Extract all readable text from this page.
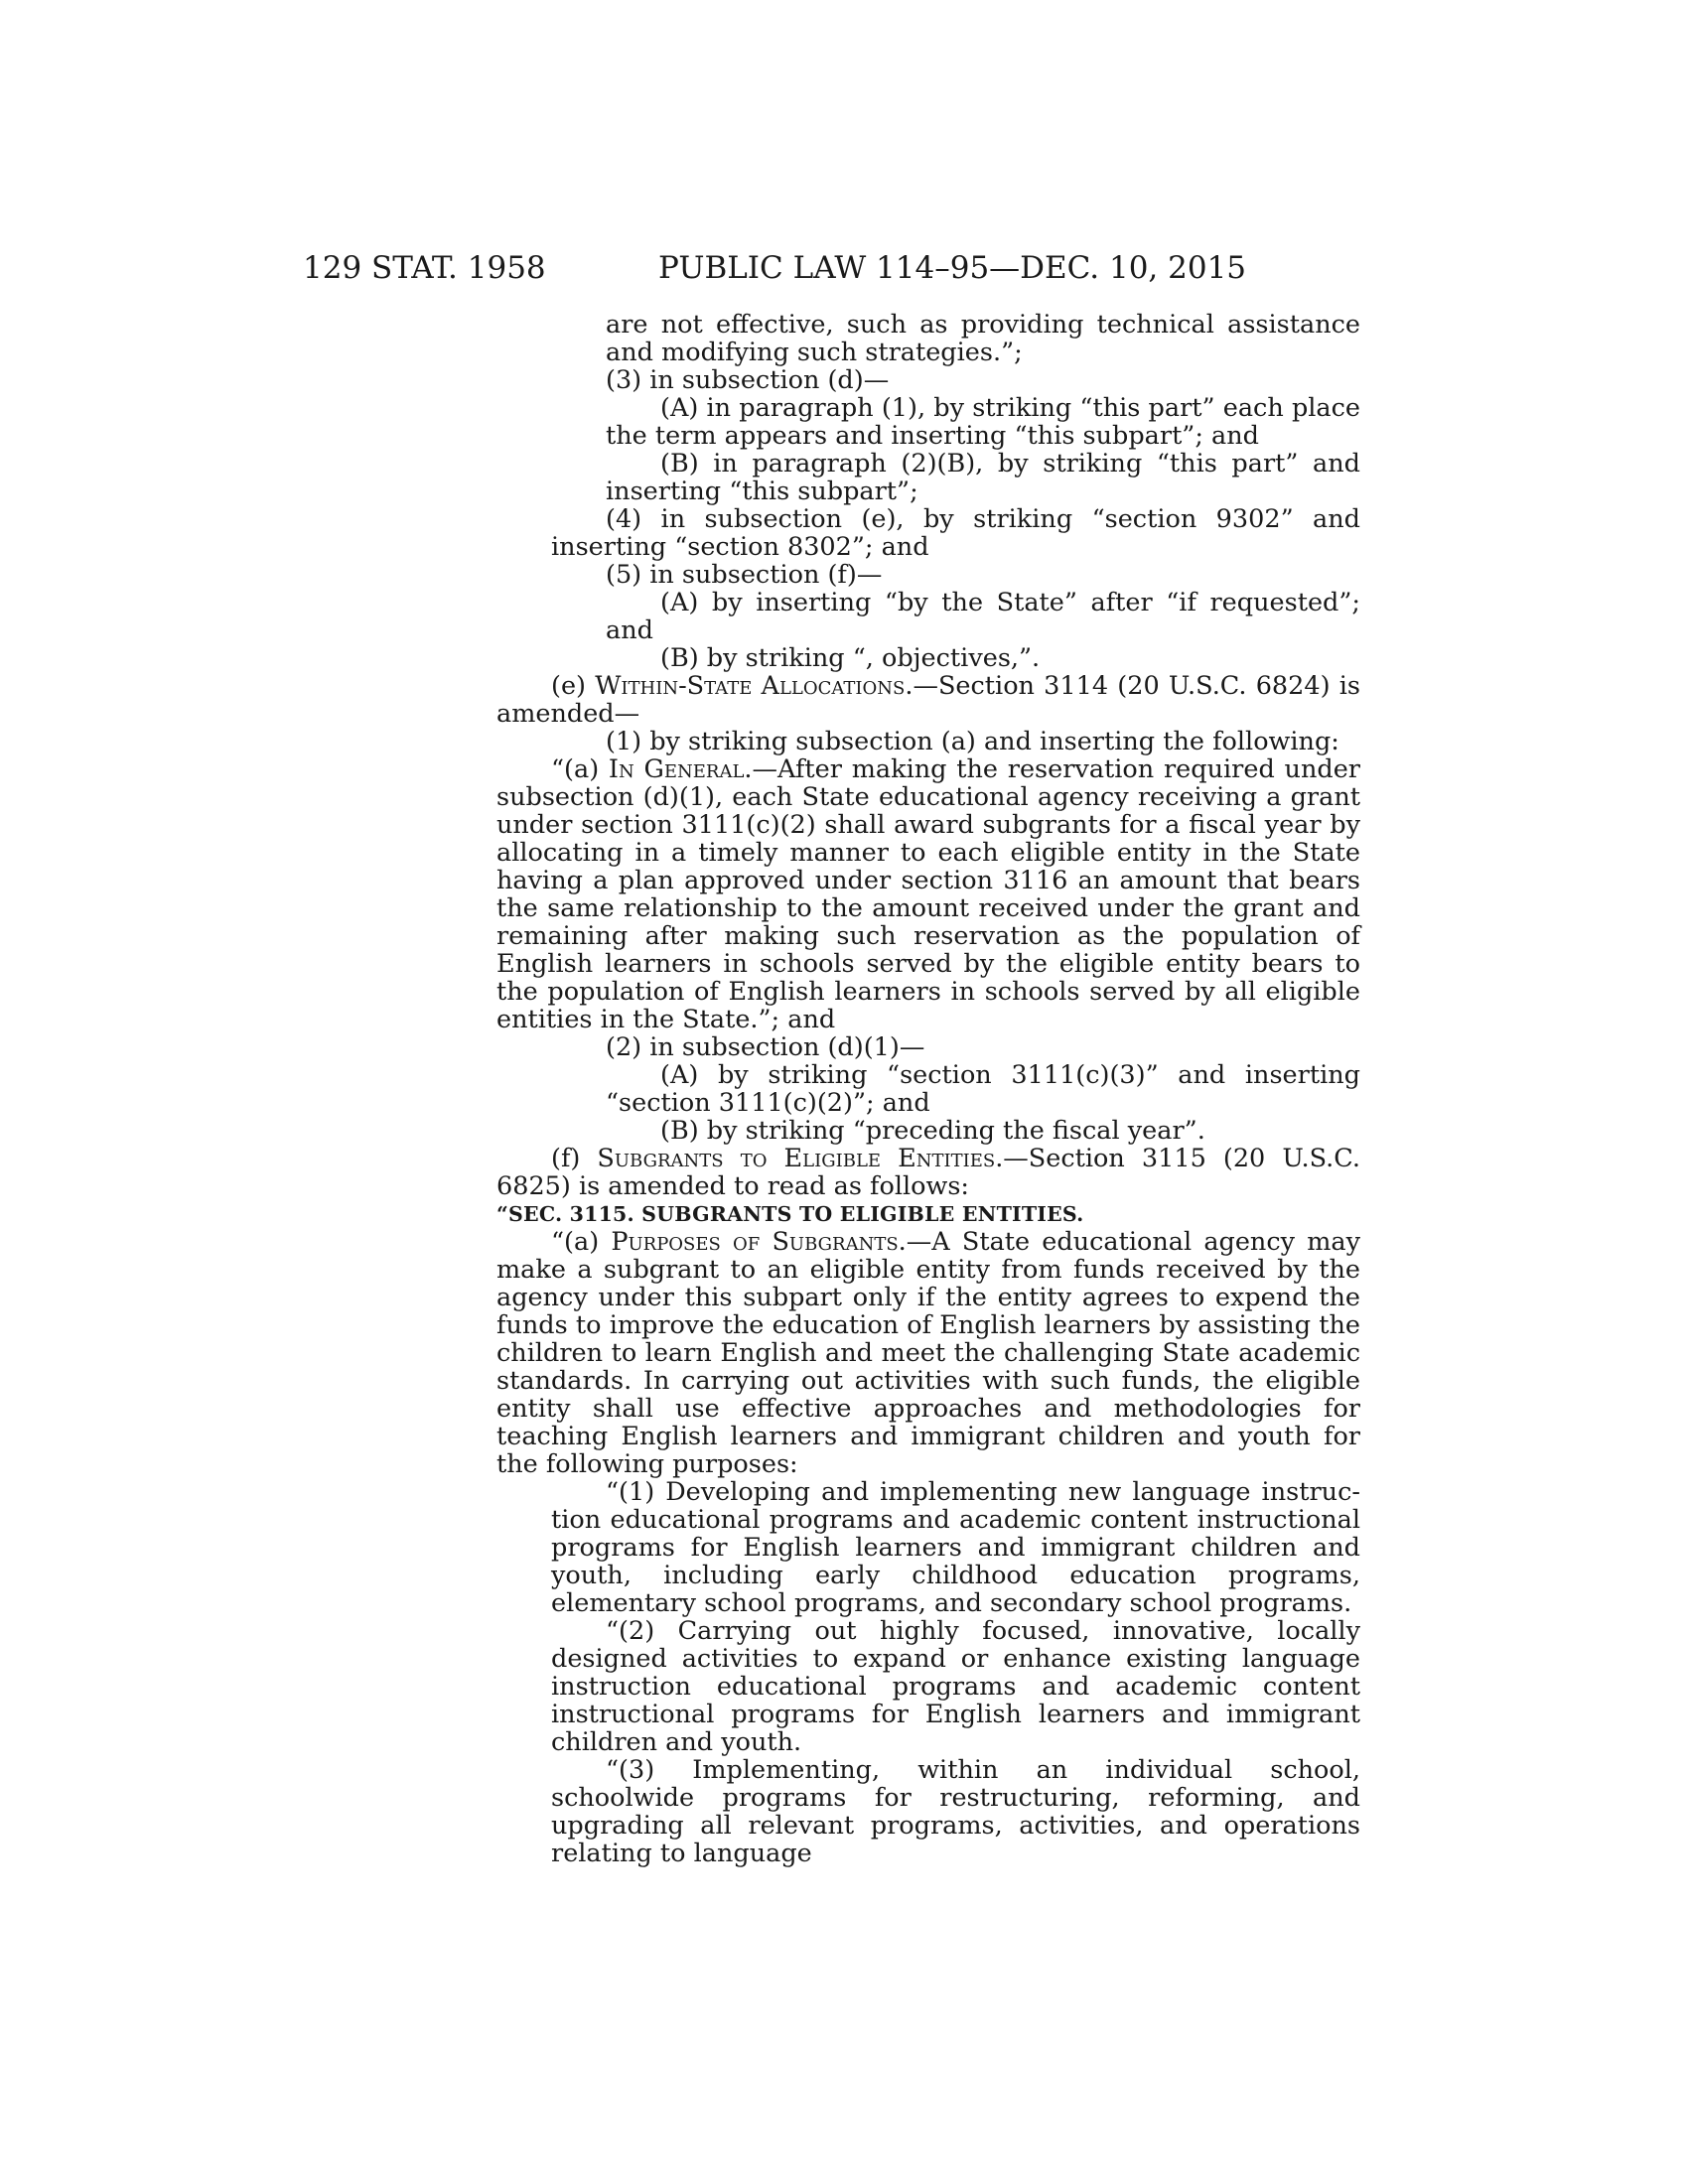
129 STAT. 1958	PUBLIC LAW 114–95—DEC. 10, 2015

are not effective, such as providing technical assistance and modifying such strategies.”;

(3) in subsection (d)—

(A) in paragraph (1), by striking “this part” each place the term appears and inserting “this subpart”; and

(B) in paragraph (2)(B), by striking “this part” and inserting “this subpart”;

(4) in subsection (e), by striking “section 9302” and inserting “section 8302”; and

(5) in subsection (f)—

(A) by inserting “by the State” after “if requested”; and

(B) by striking “, objectives,”.

(e) Within-State Allocations.—Section 3114 (20 U.S.C. 6824) is amended—

(1) by striking subsection (a) and inserting the following:

“(a) In General.—After making the reservation required under subsection (d)(1), each State educational agency receiving a grant under section 3111(c)(2) shall award subgrants for a fiscal year by allocating in a timely manner to each eligible entity in the State having a plan approved under section 3116 an amount that bears the same relationship to the amount received under the grant and remaining after making such reservation as the population of English learners in schools served by the eligible entity bears to the population of English learners in schools served by all eligible entities in the State.”; and

(2) in subsection (d)(1)—

(A) by striking “section 3111(c)(3)” and inserting “section 3111(c)(2)”; and

(B) by striking “preceding the fiscal year”.

(f) Subgrants to Eligible Entities.—Section 3115 (20 U.S.C. 6825) is amended to read as follows:

“SEC. 3115. SUBGRANTS TO ELIGIBLE ENTITIES.

“(a) Purposes of Subgrants.—A State educational agency may make a subgrant to an eligible entity from funds received by the agency under this subpart only if the entity agrees to expend the funds to improve the education of English learners by assisting the children to learn English and meet the challenging State academic standards. In carrying out activities with such funds, the eligible entity shall use effective approaches and methodologies for teaching English learners and immigrant children and youth for the following purposes:

“(1) Developing and implementing new language instruction educational programs and academic content instructional programs for English learners and immigrant children and youth, including early childhood education programs, elementary school programs, and secondary school programs.

“(2) Carrying out highly focused, innovative, locally designed activities to expand or enhance existing language instruction educational programs and academic content instructional programs for English learners and immigrant children and youth.

“(3) Implementing, within an individual school, schoolwide programs for restructuring, reforming, and upgrading all relevant programs, activities, and operations relating to language
